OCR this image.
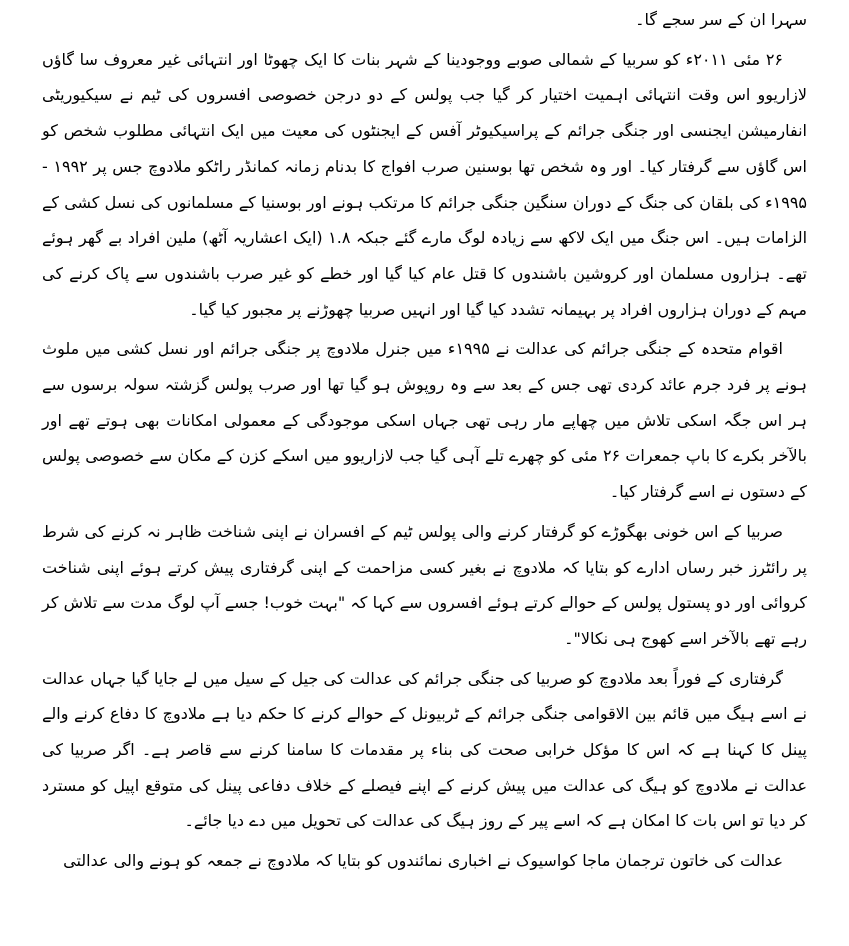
سہرا ان کے سر سجے گا۔

۲۶ مئی ۲۰۱۱ء کو سربیا کے شمالی صوبے ووجودینا کے شہر بنات کا ایک چھوٹا اور انتہائی غیر معروف سا گاؤں لازاریوو اس وقت انتہائی اہمیت اختیار کر گیا جب پولس کے دو درجن خصوصی افسروں کی ٹیم نے سیکیوریٹی انفارمیشن ایجنسی اور جنگی جرائم کے پراسیکیوٹر آفس کے ایجنٹوں کی معیت میں ایک انتہائی مطلوب شخص کو اس گاؤں سے گرفتار کیا۔ اور وہ شخص تھا بوسنین صرب افواج کا بدنام زمانہ کمانڈر راٹکو ملادوچ جس پر ۱۹۹۲ - ۱۹۹۵ء کی بلقان کی جنگ کے دوران سنگین جنگی جرائم کا مرتکب ہونے اور بوسنیا کے مسلمانوں کی نسل کشی کے الزامات ہیں۔ اس جنگ میں ایک لاکھ سے زیادہ لوگ مارے گئے جبکہ ۱.۸ (ایک اعشاریہ آٹھ) ملین افراد بے گھر ہوئے تھے۔ ہزاروں مسلمان اور کروشین باشندوں کا قتل عام کیا گیا اور خطے کو غیر صرب باشندوں سے پاک کرنے کی مہم کے دوران ہزاروں افراد پر بہیمانہ تشدد کیا گیا اور انہیں صربیا چھوڑنے پر مجبور کیا گیا۔

اقوام متحدہ کے جنگی جرائم کی عدالت نے ۱۹۹۵ء میں جنرل ملادوچ پر جنگی جرائم اور نسل کشی میں ملوث ہونے پر فرد جرم عائد کردی تھی جس کے بعد سے وہ روپوش ہو گیا تھا اور صرب پولس گزشتہ سولہ برسوں سے ہر اس جگہ اسکی تلاش میں چھاپے مار رہی تھی جہاں اسکی موجودگی کے معمولی امکانات بھی ہوتے تھے اور بالآخر بکرے کا باپ جمعرات ۲۶ مئی کو چھرے تلے آہی گیا جب لازاریوو میں اسکے کزن کے مکان سے خصوصی پولس کے دستوں نے اسے گرفتار کیا۔

صربیا کے اس خونی بھگوڑے کو گرفتار کرنے والی پولس ٹیم کے افسران نے اپنی شناخت ظاہر نہ کرنے کی شرط پر رائٹرز خبر رساں ادارے کو بتایا کہ ملادوچ نے بغیر کسی مزاحمت کے اپنی گرفتاری پیش کرتے ہوئے اپنی شناخت کروائی اور دو پستول پولس کے حوالے کرتے ہوئے افسروں سے کہا کہ "بہت خوب! جسے آپ لوگ مدت سے تلاش کر رہے تھے بالآخر اسے کھوج ہی نکالا"۔

گرفتاری کے فوراً بعد ملادوچ کو صربیا کی جنگی جرائم کی عدالت کی جیل کے سیل میں لے جایا گیا جہاں عدالت نے اسے ہیگ میں قائم بین الاقوامی جنگی جرائم کے ٹربیونل کے حوالے کرنے کا حکم دیا ہے ملادوچ کا دفاع کرنے والے پینل کا کہنا ہے کہ اس کا مؤکل خرابی صحت کی بناء پر مقدمات کا سامنا کرنے سے قاصر ہے۔ اگر صربیا کی عدالت نے ملادوچ کو ہیگ کی عدالت میں پیش کرنے کے اپنے فیصلے کے خلاف دفاعی پینل کی متوقع اپیل کو مسترد کر دیا تو اس بات کا امکان ہے کہ اسے پیر کے روز ہیگ کی عدالت کی تحویل میں دے دیا جائے۔

عدالت کی خاتون ترجمان ماجا کواسیوک نے اخباری نمائندوں کو بتایا کہ ملادوچ نے جمعہ کو ہونے والی عدالتی
